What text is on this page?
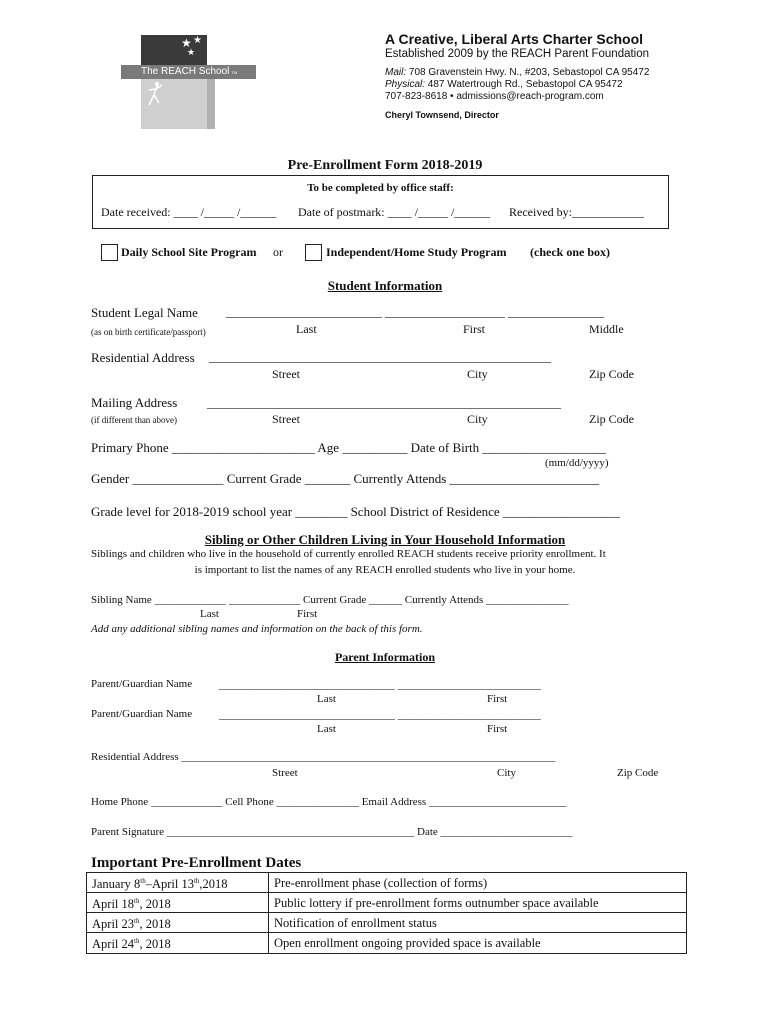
★ ★
★
The REACH School TM
A Creative, Liberal Arts Charter School
Established 2009 by the REACH Parent Foundation
Mail: 708 Gravenstein Hwy. N., #203, Sebastopol CA 95472
Physical: 487 Watertrough Rd., Sebastopol CA 95472
707-823-8618 • admissions@reach-program.com
Cheryl Townsend, Director
Pre-Enrollment Form 2018-2019
To be completed by office staff:
Date received: ____ /_____ /______ Date of postmark: ____ /_____ /______ Received by:____________
Daily School Site Program or	Independent/Home Study Program (check one box)
Student Information
Student Legal Name __________________________ ____________________ ________________
(as on birth certificate/passport)	Last	First	Middle
Residential Address _________________________________________________________
Street	City	Zip Code
Mailing Address ___________________________________________________________
(if different than above)	Street	City	Zip Code
Primary Phone ______________________ Age __________ Date of Birth ___________________
(mm/dd/yyyy)
Gender ______________ Current Grade _______ Currently Attends _______________________
Grade level for 2018-2019 school year ________ School District of Residence __________________
Sibling or Other Children Living in Your Household Information
Siblings and children who live in the household of currently enrolled REACH students receive priority enrollment. It
is important to list the names of any REACH enrolled students who live in your home.
Sibling Name _____________ _____________ Current Grade ______ Currently Attends _______________
Last	First
Add any additional sibling names and information on the back of this form.
Parent Information
Parent/Guardian Name ________________________________ __________________________
Last	First
Parent/Guardian Name ________________________________ __________________________
Last	First
Residential Address ____________________________________________________________________
Street	City	Zip Code
Home Phone _____________ Cell Phone _______________ Email Address _________________________
Parent Signature _____________________________________________ Date ________________________
Important Pre-Enrollment Dates
January 8th–April 13th,2018	Pre-enrollment phase (collection of forms)
April 18th, 2018	Public lottery if pre-enrollment forms outnumber space available
April 23th, 2018	Notification of enrollment status
April 24th, 2018	Open enrollment ongoing provided space is available
